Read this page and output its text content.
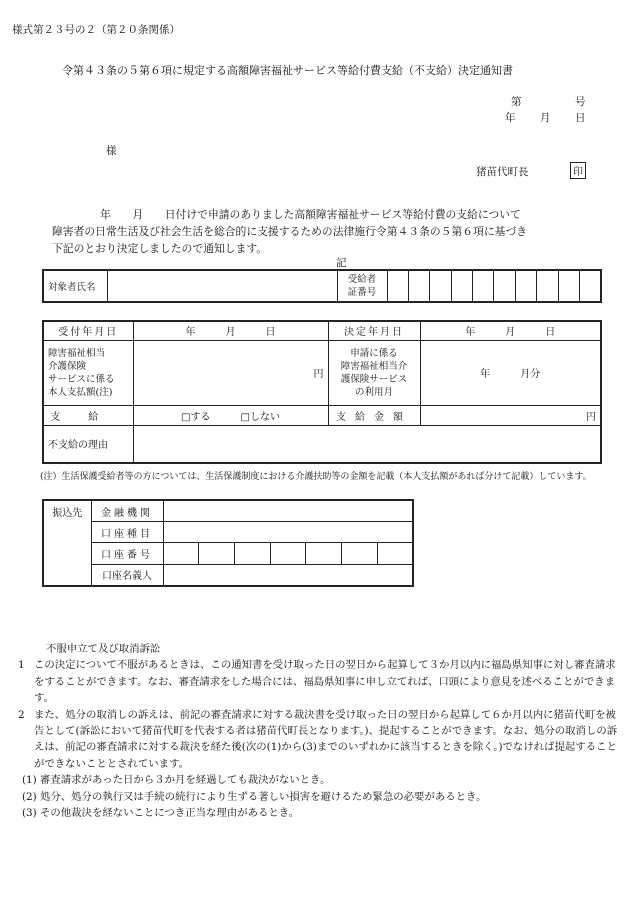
様式第２３号の２（第２０条関係）
令第４３条の５第６項に規定する高額障害福祉サービス等給付費支給（不支給）決定通知書
第	号
年 月 日
様
猪苗代町長	印

年　　月　　日付けで申請のありました高額障害福祉サービス等給付費の支給について

障害者の日常生活及び社会生活を総合的に支援するための法律施行令第４３条の５第６項に基づき

下記のとおり決定しましたので通知します。

記
対象者氏名		受給者
証番号										
受付年月日	年　　　 月　　　 日	決定年月日	年　　　 月　　　 日
障害福祉相当
介護保険
サービスに係る
本人支払額(注)	円	申請に係る
障害福祉相当介
護保険サービス
の利用月	年　　　 月分
支給	□する　　　 □しない	支給金額	円
不支給の理由			
(注）生活保護受給者等の方については、生活保護制度における介護扶助等の金額を記載（本人支払額があれば分けて記載）しています。
振込先	金融機関							
	口座種目							
	口座番号							
	口座名義人							
不服申立て及び取消訴訟
1 この決定について不服があるときは、この通知書を受け取った日の翌日から起算して３か月以内に福島県知事に対し審査請求をすることができます。なお、審査請求をした場合には、福島県知事に申し立てれば、口頭により意見を述べることができます。
2 また、処分の取消しの訴えは、前記の審査請求に対する裁決書を受け取った日の翌日から起算して６か月以内に猪苗代町を被告として(訴訟において猪苗代町を代表する者は猪苗代町長となります。)、提起することができます。なお、処分の取消しの訴えは、前記の審査請求に対する裁決を経た後(次の(1)から(3)までのいずれかに該当するときを除く。)でなければ提起することができないこととされています。
(1) 審査請求があった日から３か月を経過しても裁決がないとき。
(2) 処分、処分の執行又は手続の続行により生ずる著しい損害を避けるため緊急の必要があるとき。
(3) その他裁決を経ないことにつき正当な理由があるとき。
